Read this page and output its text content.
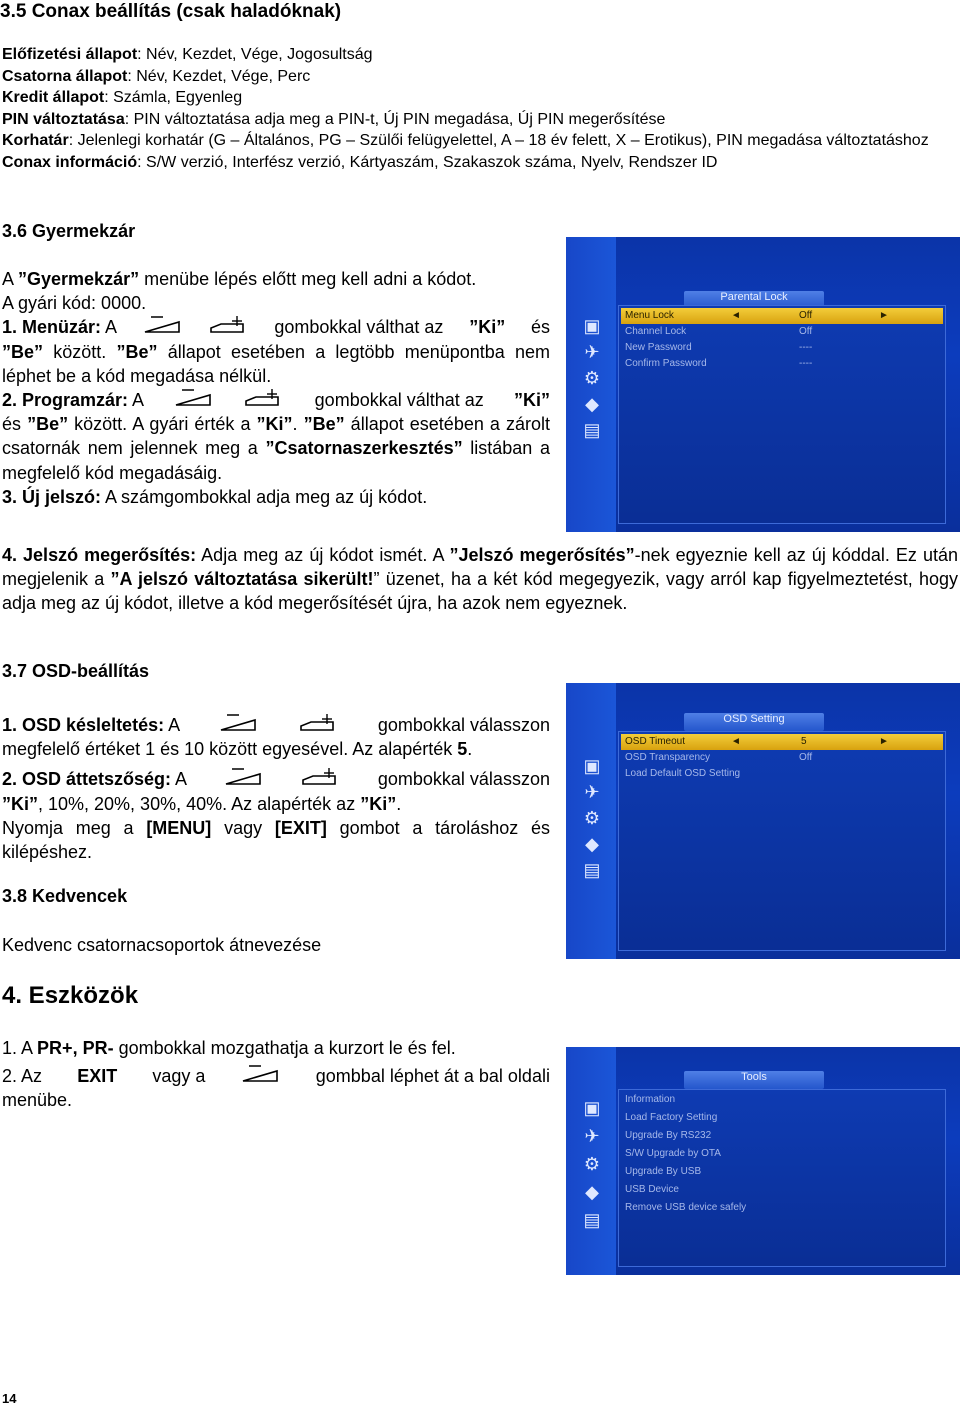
3.5 Conax beállítás (csak haladóknak)
Előfizetési állapot: Név, Kezdet, Vége, Jogosultság
Csatorna állapot: Név, Kezdet, Vége, Perc
Kredit állapot: Számla, Egyenleg
PIN változtatása: PIN változtatása adja meg a PIN-t, Új PIN megadása, Új PIN megerősítése
Korhatár: Jelenlegi korhatár (G – Általános, PG – Szülői felügyelettel, A – 18 év felett, X – Erotikus), PIN megadása változtatáshoz
Conax információ: S/W verzió, Interfész verzió, Kártyaszám, Szakaszok száma, Nyelv, Rendszer ID
3.6 Gyermekzár
A ”Gyermekzár” menübe lépés előtt meg kell adni a kódot.
A gyári kód: 0000.
1. Menüzár: A	gombokkal válthat az ”Ki” és
”Be” között. ”Be” állapot esetében a legtöbb menüpontba nem léphet be a kód megadása nélkül.
2. Programzár: A	gombokkal válthat az ”Ki”
és ”Be” között. A gyári érték a ”Ki”. ”Be” állapot esetében a zárolt csatornák nem jelennek meg a ”Csatornaszerkesztés” listában a megfelelő kód megadásáig.
3. Új jelszó: A számgombokkal adja meg az új kódot.
4. Jelszó megerősítés: Adja meg az új kódot ismét. A ”Jelszó megerősítés”-nek egyeznie kell az új kóddal. Ez után megjelenik a ”A jelszó változtatása sikerült!” üzenet, ha a két kód megegyezik, vagy arról kap figyelmeztetést, hogy adja meg az új kódot, illetve a kód megerősítését újra, ha azok nem egyeznek.
▣
✈
⚙
◆
▤
Parental Lock
Menu Lock	◄	Off	►
Channel Lock	Off
New Password	----
Confirm Password	----
3.7 OSD-beállítás
1. OSD késleltetés: A	gombokkal válasszon
megfelelő értéket 1 és 10 között egyesével. Az alapérték 5.
2. OSD áttetszőség: A	gombokkal válasszon
”Ki”, 10%, 20%, 30%, 40%. Az alapérték az ”Ki”.
Nyomja meg a [MENU] vagy [EXIT] gombot a tároláshoz és kilépéshez.
▣
✈
⚙
◆
▤
OSD Setting
OSD Timeout	◄	5	►
OSD Transparency	Off
Load Default OSD Setting
3.8 Kedvencek
Kedvenc csatornacsoportok átnevezése
4. Eszközök
1. A PR+, PR- gombokkal mozgathatja a kurzort le és fel.
2. Az EXIT vagy a	gombbal léphet át a bal oldali
menübe.	▣
✈
⚙
◆
▤
Tools
Information
Load Factory Setting
Upgrade By RS232
S/W Upgrade by OTA
Upgrade By USB
USB Device
Remove USB device safely
14
